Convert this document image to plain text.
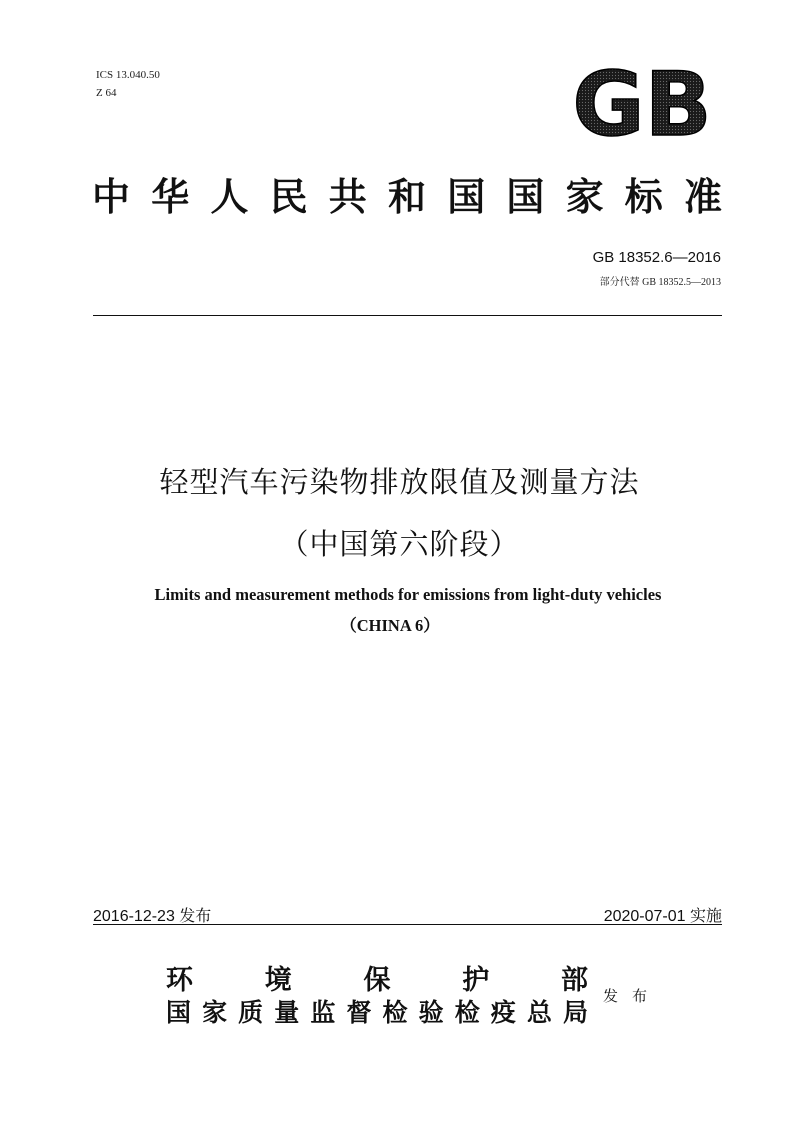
ICS 13.040.50
Z 64	GB
中华人民共和国国家标准
GB 18352.6—2016
部分代替 GB 18352.5—2013
轻型汽车污染物排放限值及测量方法
（中国第六阶段）
Limits and measurement methods for emissions from light-duty vehicles
（CHINA 6）
2016-12-23 发布	2020-07-01 实施
环境保护部
国家质量监督检验检疫总局
发布
